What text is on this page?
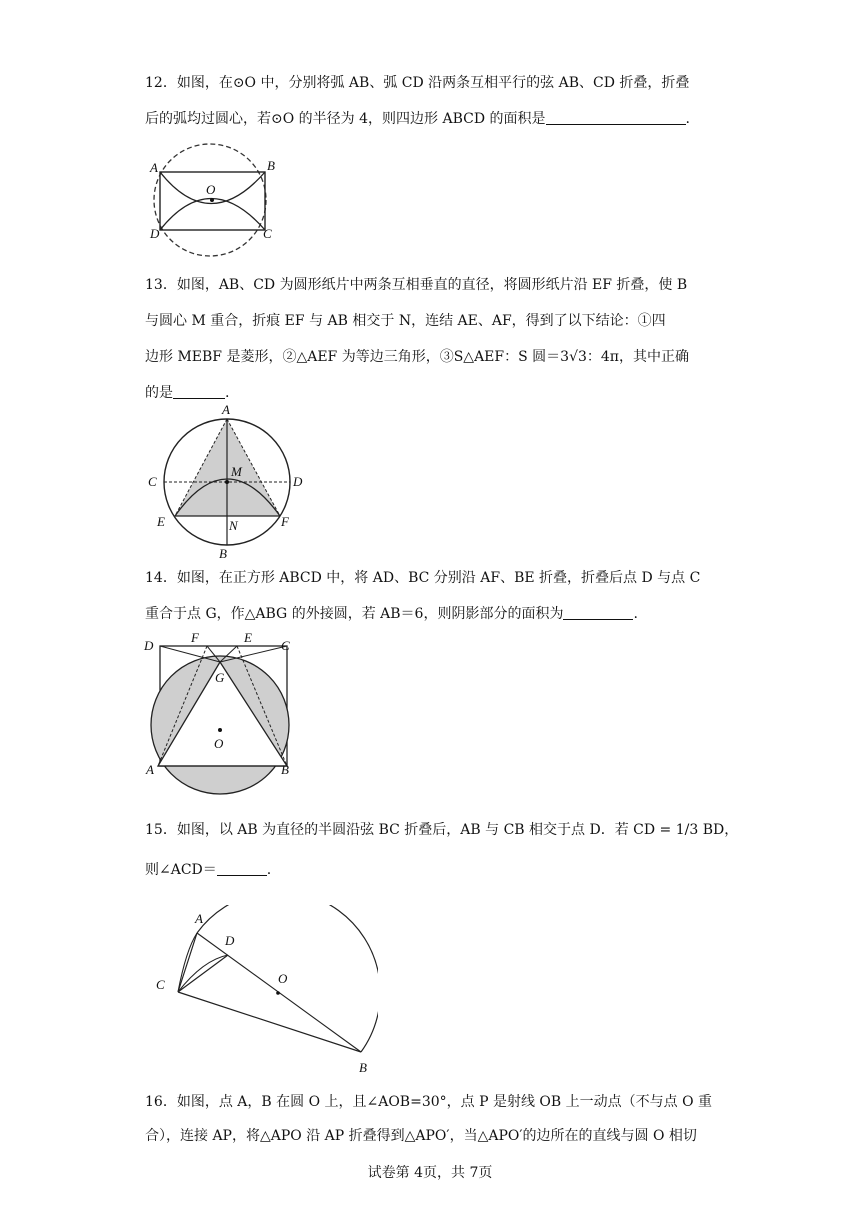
12．如图，在⊙O 中，分别将弧 AB、弧 CD 沿两条互相平行的弦 AB、CD 折叠，折叠
后的弧均过圆心，若⊙O 的半径为 4，则四边形 ABCD 的面积是	.
A	B
C
D
O
13．如图，AB、CD 为圆形纸片中两条互相垂直的直径，将圆形纸片沿 EF 折叠，使 B
与圆心 M 重合，折痕 EF 与 AB 相交于 N，连结 AE、AF，得到了以下结论：①四
边形 MEBF 是菱形，②△AEF 为等边三角形，③S△AEF：S 圆＝3√3：4π，其中正确
的是	.
A
C	D
M
E	F
N
B
14．如图，在正方形 ABCD 中，将 AD、BC 分别沿 AF、BE 折叠，折叠后点 D 与点 C
重合于点 G，作△ABG 的外接圆，若 AB＝6，则阴影部分的面积为	.
D
F	E
C
G
O
A	B
15．如图，以 AB 为直径的半圆沿弦 BC 折叠后，AB 与 CB 相交于点 D．若 CD = 1/3 BD，
则∠ACD＝	.
A
D
C	O
B
16．如图，点 A，B 在圆 O 上，且∠AOB=30°，点 P 是射线 OB 上一动点（不与点 O 重
合），连接 AP，将△APO 沿 AP 折叠得到△APO′，当△APO′的边所在的直线与圆 O 相切
试卷第 4页，共 7页
